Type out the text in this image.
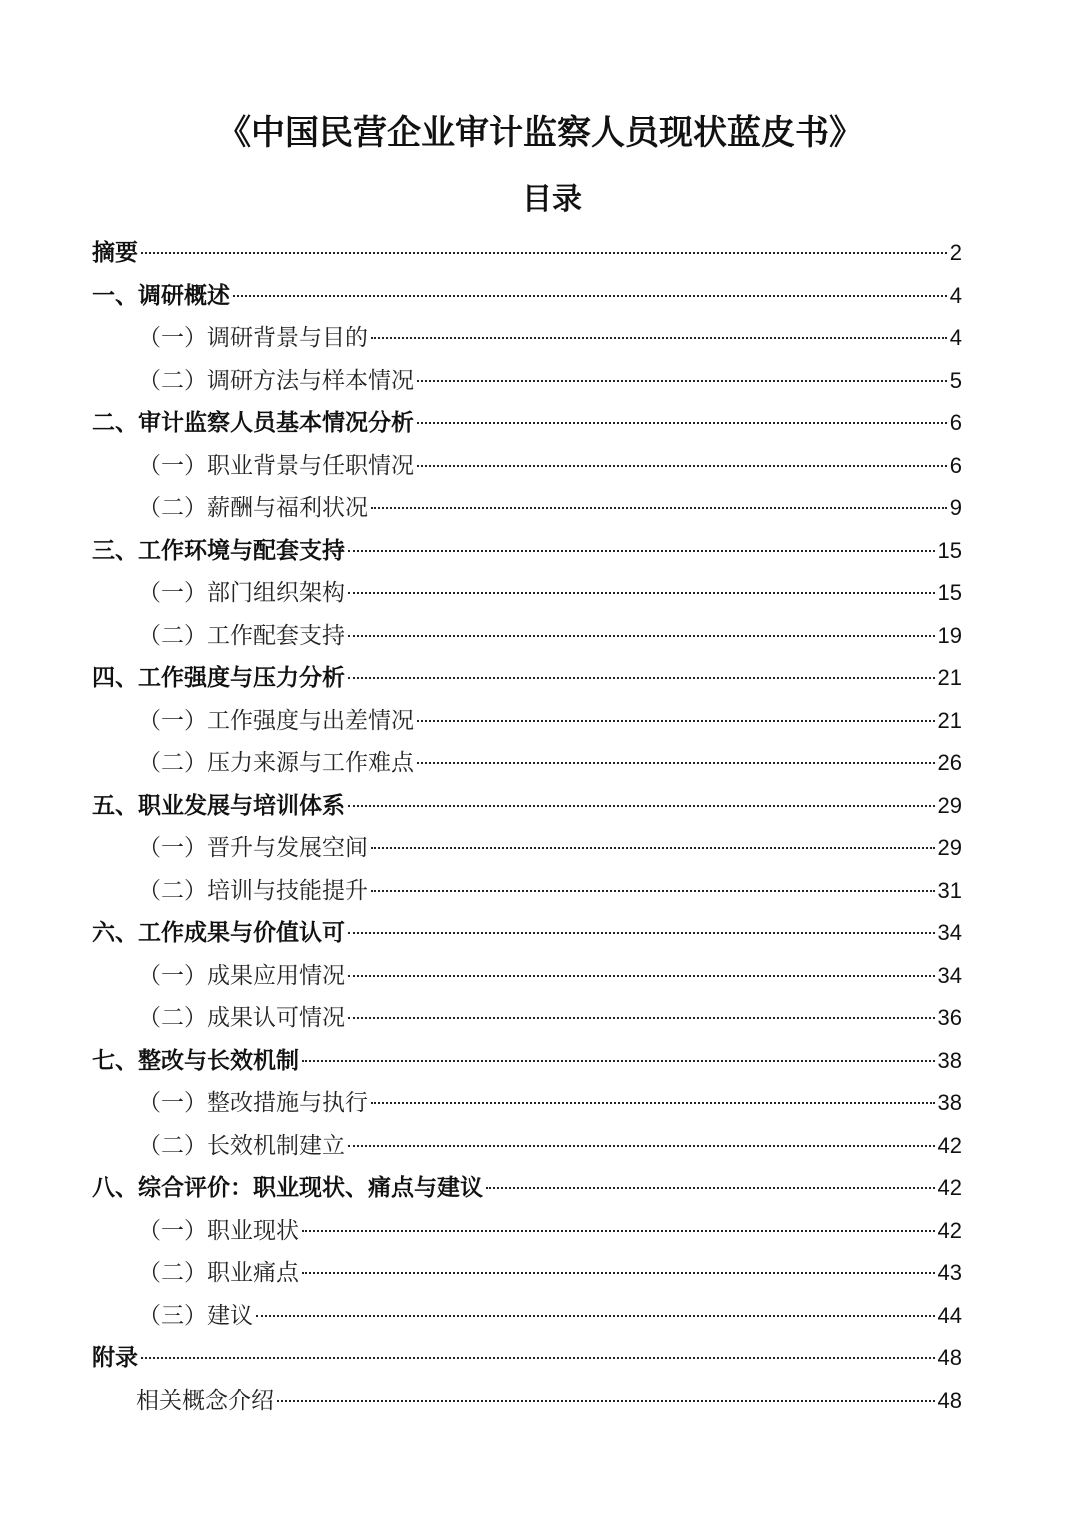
《中国民营企业审计监察人员现状蓝皮书》
目录
摘要	2
一、调研概述	4
（一）调研背景与目的	4
（二）调研方法与样本情况	5
二、审计监察人员基本情况分析	6
（一）职业背景与任职情况	6
（二）薪酬与福利状况	9
三、工作环境与配套支持	15
（一）部门组织架构	15
（二）工作配套支持	19
四、工作强度与压力分析	21
（一）工作强度与出差情况	21
（二）压力来源与工作难点	26
五、职业发展与培训体系	29
（一）晋升与发展空间	29
（二）培训与技能提升	31
六、工作成果与价值认可	34
（一）成果应用情况	34
（二）成果认可情况	36
七、整改与长效机制	38
（一）整改措施与执行	38
（二）长效机制建立	42
八、综合评价：职业现状、痛点与建议	42
（一）职业现状	42
（二）职业痛点	43
（三）建议	44
附录	48
相关概念介绍	48
